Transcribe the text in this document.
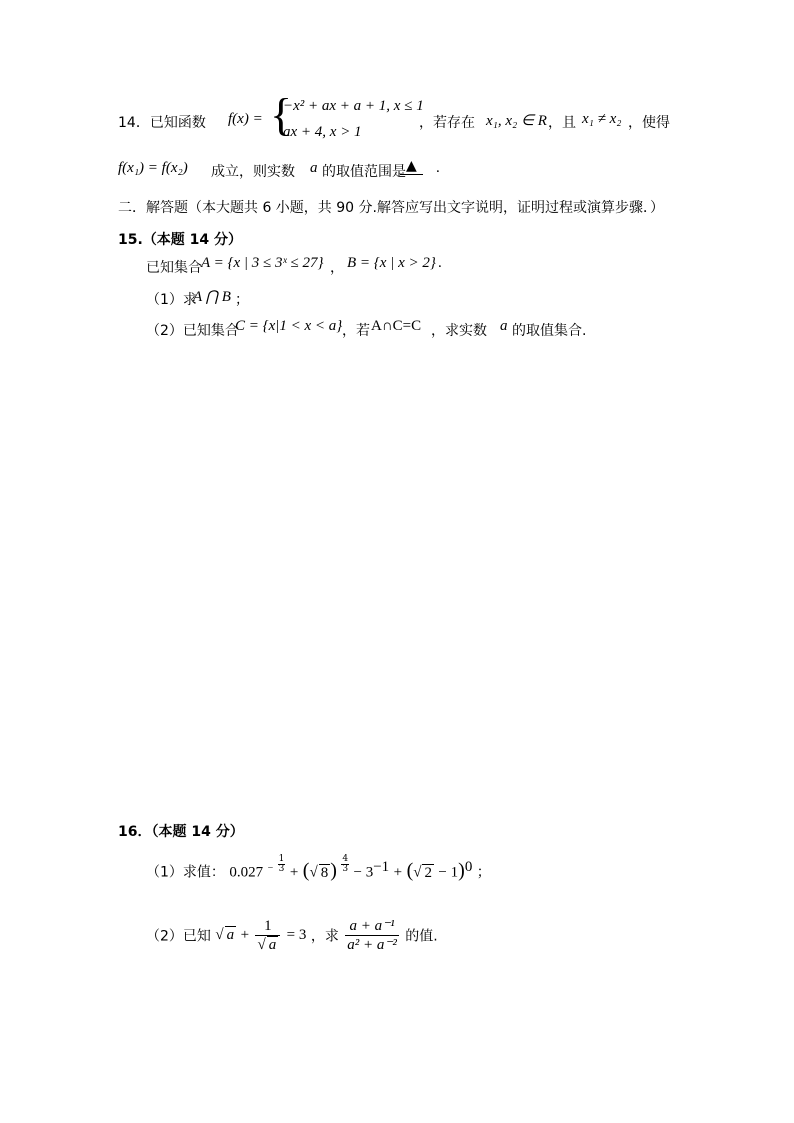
14．已知函数 f(x) = {
−x² + ax + a + 1, x ≤ 1
ax + 4, x > 1
，若存在 x₁, x₂ ∈ R ，且 x₁ ≠ x₂ ，使得
f(x₁) = f(x₂) 成立，则实数 a 的取值范围是 ▲	.
二．解答题（本大题共 6 小题，共 90 分.解答应写出文字说明，证明过程或演算步骤．）
15.（本题 14 分）
已知集合 A = {x | 3 ≤ 3ˣ ≤ 27} ， B = {x | x > 2} .
（1）求
A ⋂ B ；
（2）已知集合
C = {x|1 < x < a} ，若 A∩C=C ，求实数 a 的取值集合.
16．（本题 14 分）
（1）求值： 0.027 $^- \frac{1}{3}$ + (√ 8 ) $\frac{4}{3} - 3^{-1}$ + (√ 2 − 1)$^0$ ；
（2）已知 √ $a + \frac{1}{√ a} = 3$ ，求 $\frac{\text{a + a⁻¹}}{\text{a² + a⁻²}}$ 的值.
